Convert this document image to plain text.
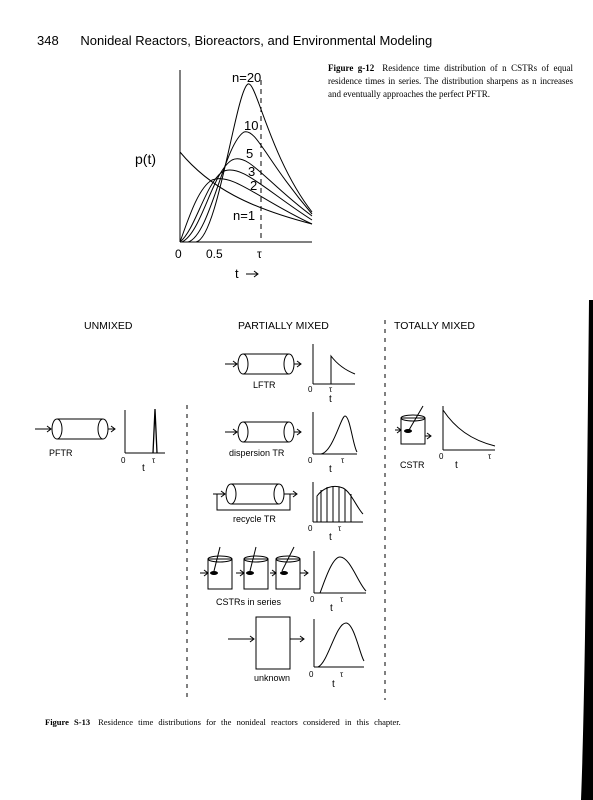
348 Nonideal Reactors, Bioreactors, and Environmental Modeling
p(t)
n=20
10
5
3
2
n=1
0 0.5	τ
t
Figure g-12 Residence time distribution of n CSTRs of equal residence times in series. The distribution sharpens as n increases and eventually approaches the perfect PFTR.
UNMIXED	PARTIALLY MIXED	TOTALLY MIXED
PFTR
0	τ
t
LFTR	0 τ
t
dispersion TR
0	τ
t
recycle TR
0	τ
t
CSTRs in series	0	τ
t
unknown 0	τ
t
CSTR
0	τ
t
Figure S-13 Residence time distributions for the nonideal reactors considered in this chapter.
